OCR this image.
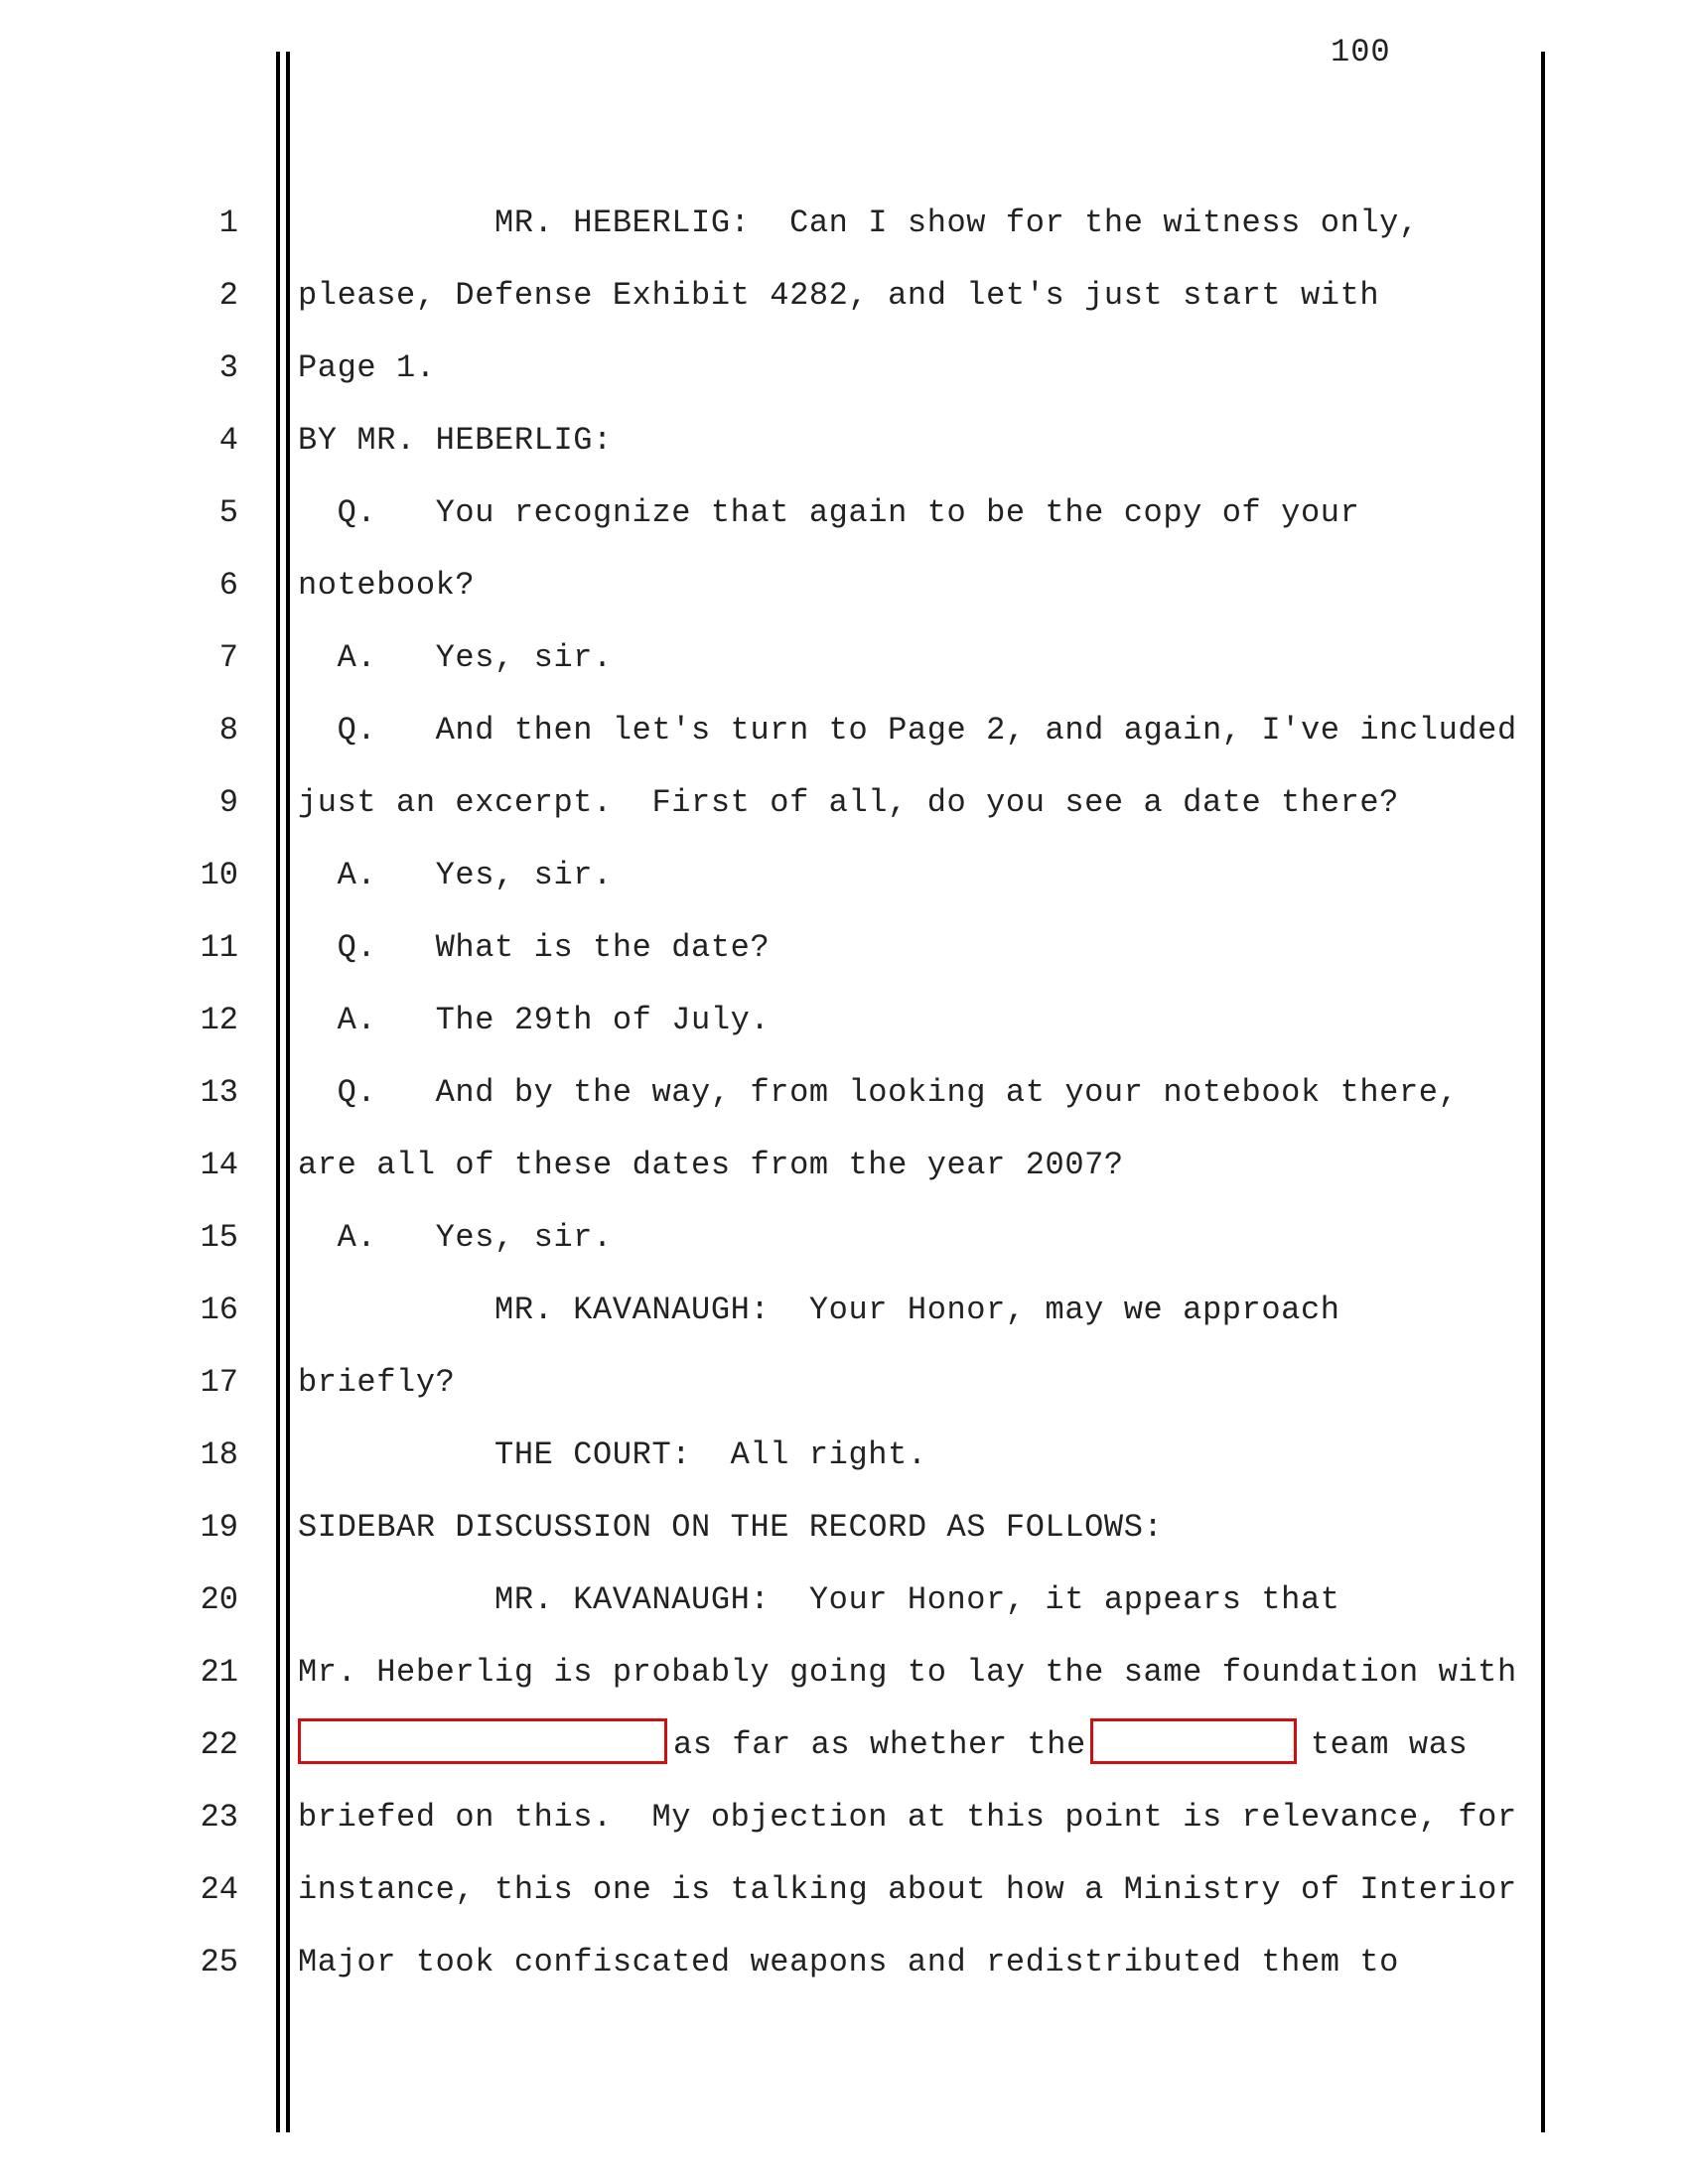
100
1 MR. HEBERLIG:  Can I show for the witness only,
2 please, Defense Exhibit 4282, and let's just start with
3 Page 1.
4 BY MR. HEBERLIG:
5 Q.   You recognize that again to be the copy of your
6 notebook?
7 A.   Yes, sir.
8 Q.   And then let's turn to Page 2, and again, I've included
9 just an excerpt.  First of all, do you see a date there?
10 A.   Yes, sir.
11 Q.   What is the date?
12 A.   The 29th of July.
13 Q.   And by the way, from looking at your notebook there,
14 are all of these dates from the year 2007?
15 A.   Yes, sir.
16 MR. KAVANAUGH:  Your Honor, may we approach
17 briefly?
18 THE COURT:  All right.
19 SIDEBAR DISCUSSION ON THE RECORD AS FOLLOWS:
20 MR. KAVANAUGH:  Your Honor, it appears that
21 Mr. Heberlig is probably going to lay the same foundation with
22	as far as whether the	team was
23 briefed on this.  My objection at this point is relevance, for
24 instance, this one is talking about how a Ministry of Interior
25 Major took confiscated weapons and redistributed them to
